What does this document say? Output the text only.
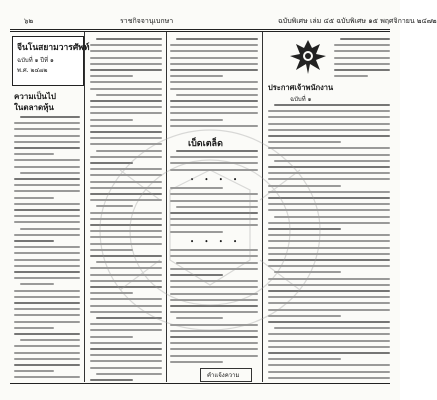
๖๒	ราชกิจจานุเบกษา	ฉบับพิเศษ เล่ม ๔๕ ฉบับพิเศษ ๑๕ พฤศจิกายน ๒๔๗๒
จีนโนสยามวารศัพท์
ฉบับที่ ๑ ปีที่ ๑
พ.ศ. ๒๔๗๒
ความเป็นไป
ในตลาดหุ้น
เบ็ดเตล็ด
• • • •
• • • •
คำแจ้งความ
ประกาศเจ้าพนักงาน
ฉบับที่ ๑
